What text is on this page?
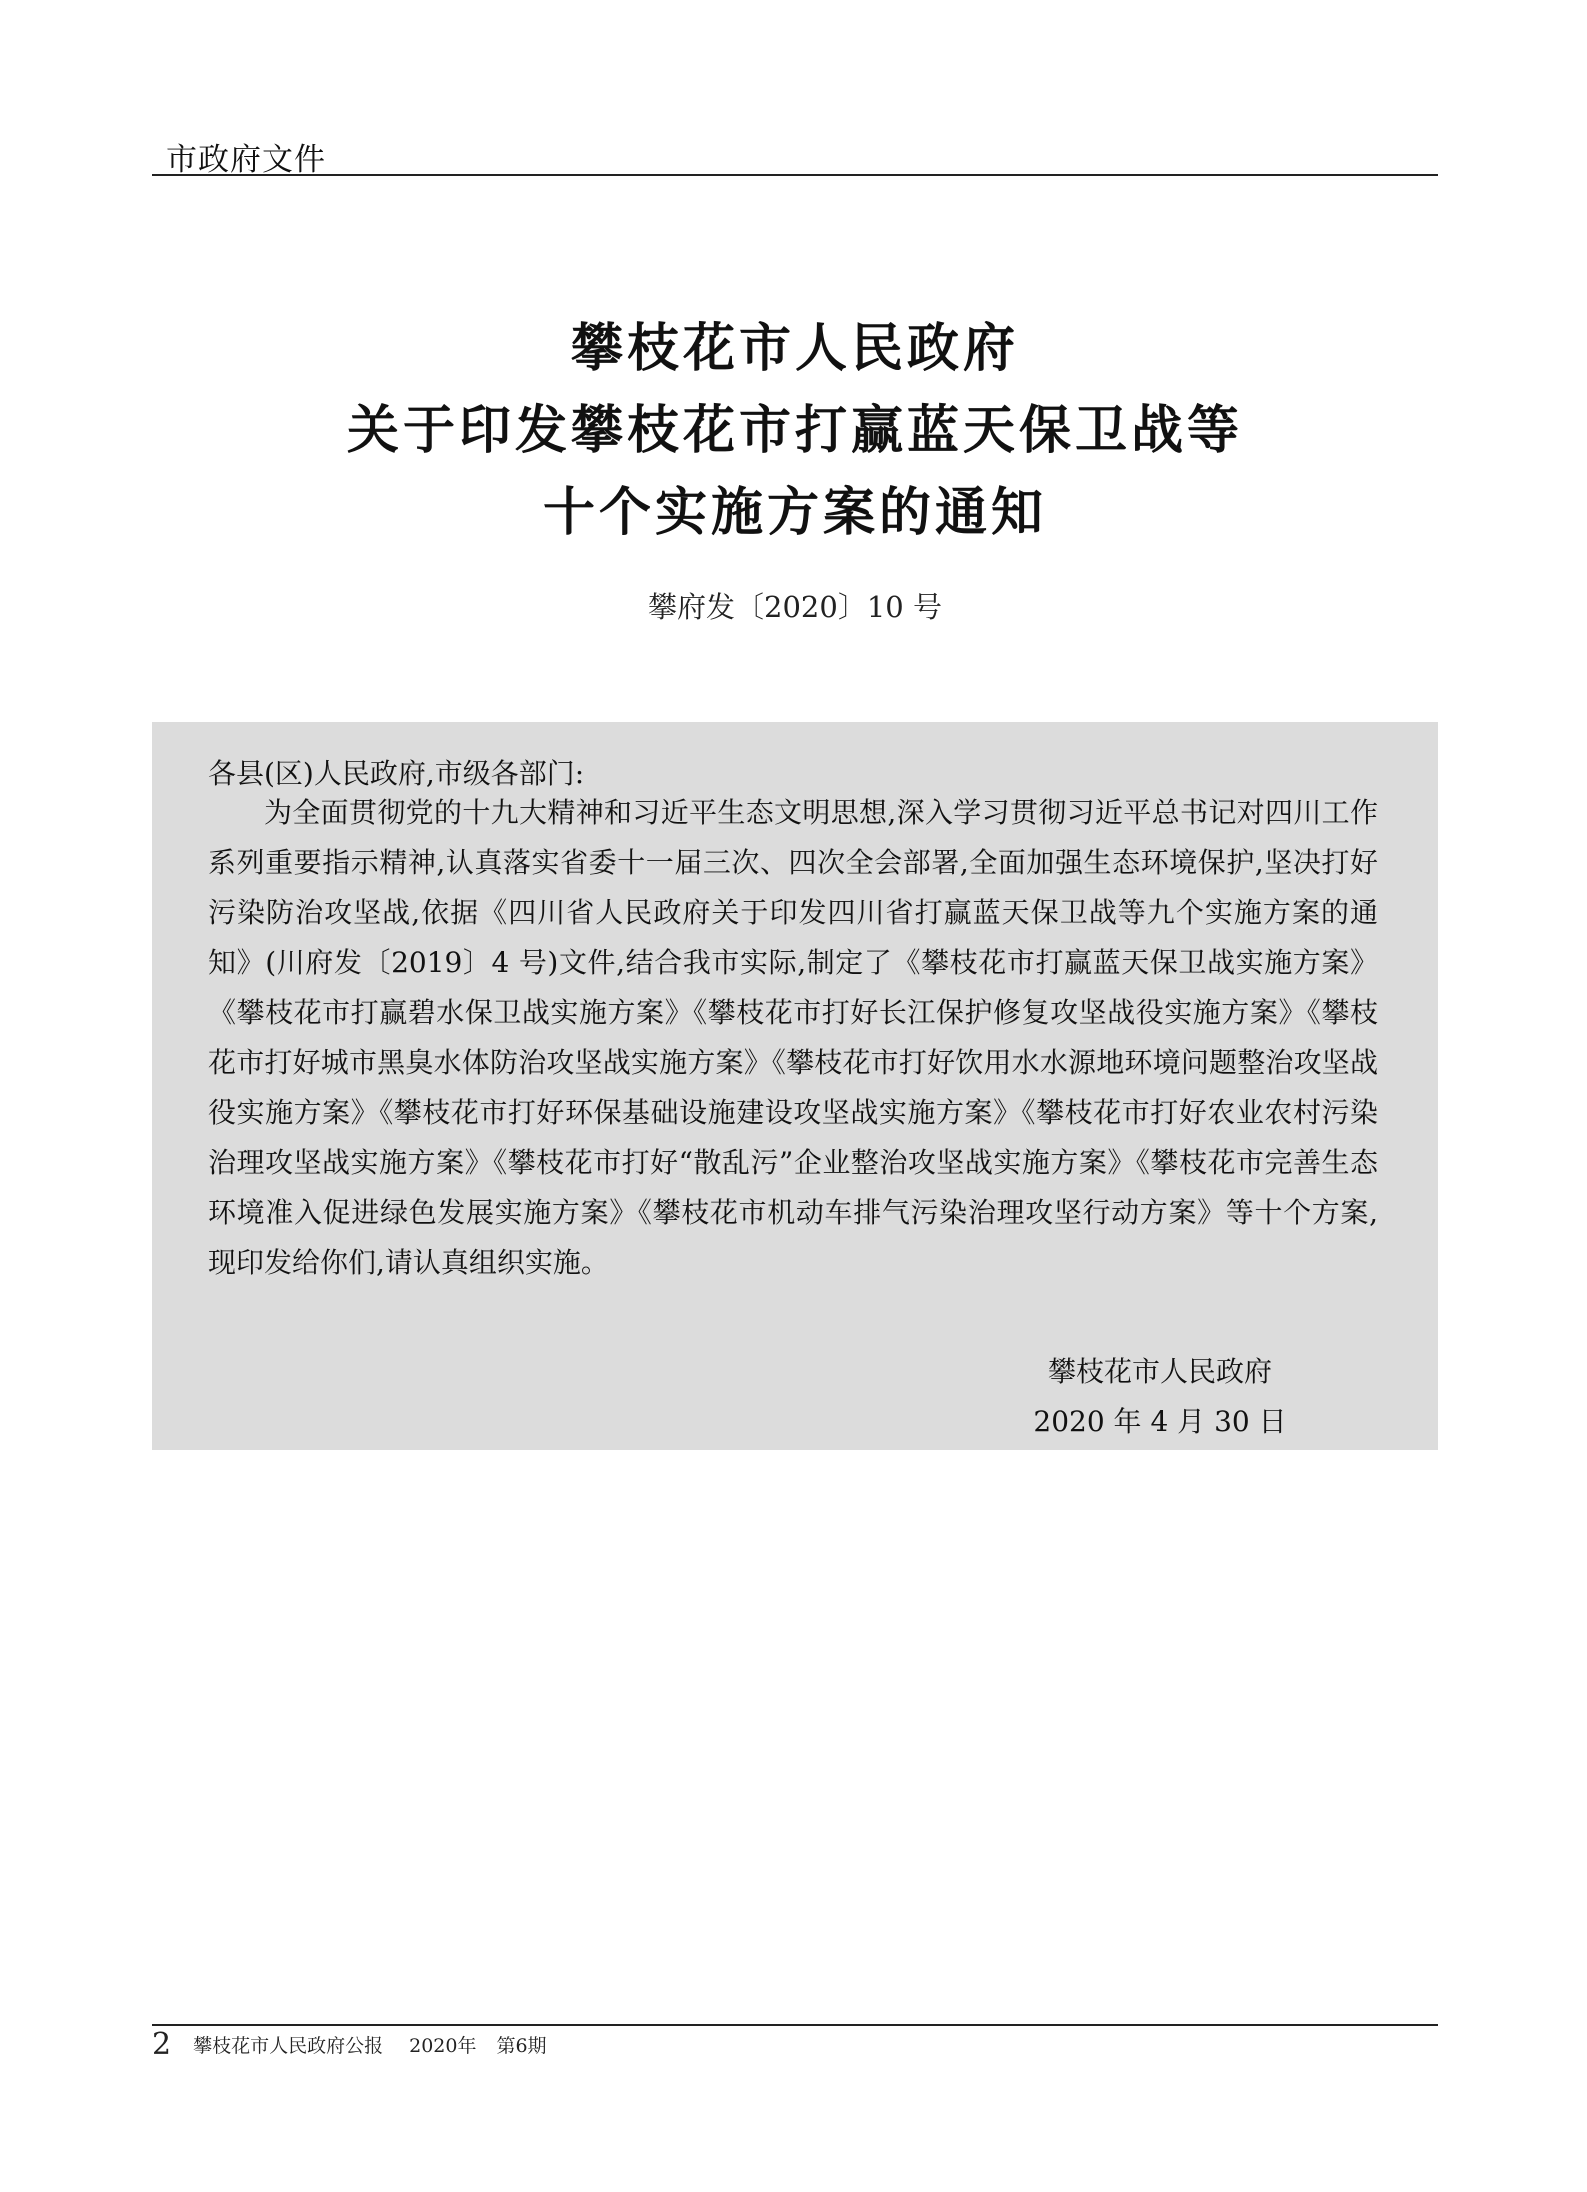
市政府文件
攀枝花市人民政府
关于印发攀枝花市打赢蓝天保卫战等
十个实施方案的通知
攀府发〔2020〕10 号
各县(区)人民政府,市级各部门:

为全面贯彻党的十九大精神和习近平生态文明思想,深入学习贯彻习近平总书记对四川工作系列重要指示精神,认真落实省委十一届三次、四次全会部署,全面加强生态环境保护,坚决打好污染防治攻坚战,依据《四川省人民政府关于印发四川省打赢蓝天保卫战等九个实施方案的通知》(川府发〔2019〕4 号)文件,结合我市实际,制定了《攀枝花市打赢蓝天保卫战实施方案》《攀枝花市打赢碧水保卫战实施方案》《攀枝花市打好长江保护修复攻坚战役实施方案》《攀枝花市打好城市黑臭水体防治攻坚战实施方案》《攀枝花市打好饮用水水源地环境问题整治攻坚战役实施方案》《攀枝花市打好环保基础设施建设攻坚战实施方案》《攀枝花市打好农业农村污染治理攻坚战实施方案》《攀枝花市打好“散乱污”企业整治攻坚战实施方案》《攀枝花市完善生态环境准入促进绿色发展实施方案》《攀枝花市机动车排气污染治理攻坚行动方案》等十个方案,现印发给你们,请认真组织实施。

攀枝花市人民政府
2020 年 4 月 30 日
2 攀枝花市人民政府公报 2020年 第6期
